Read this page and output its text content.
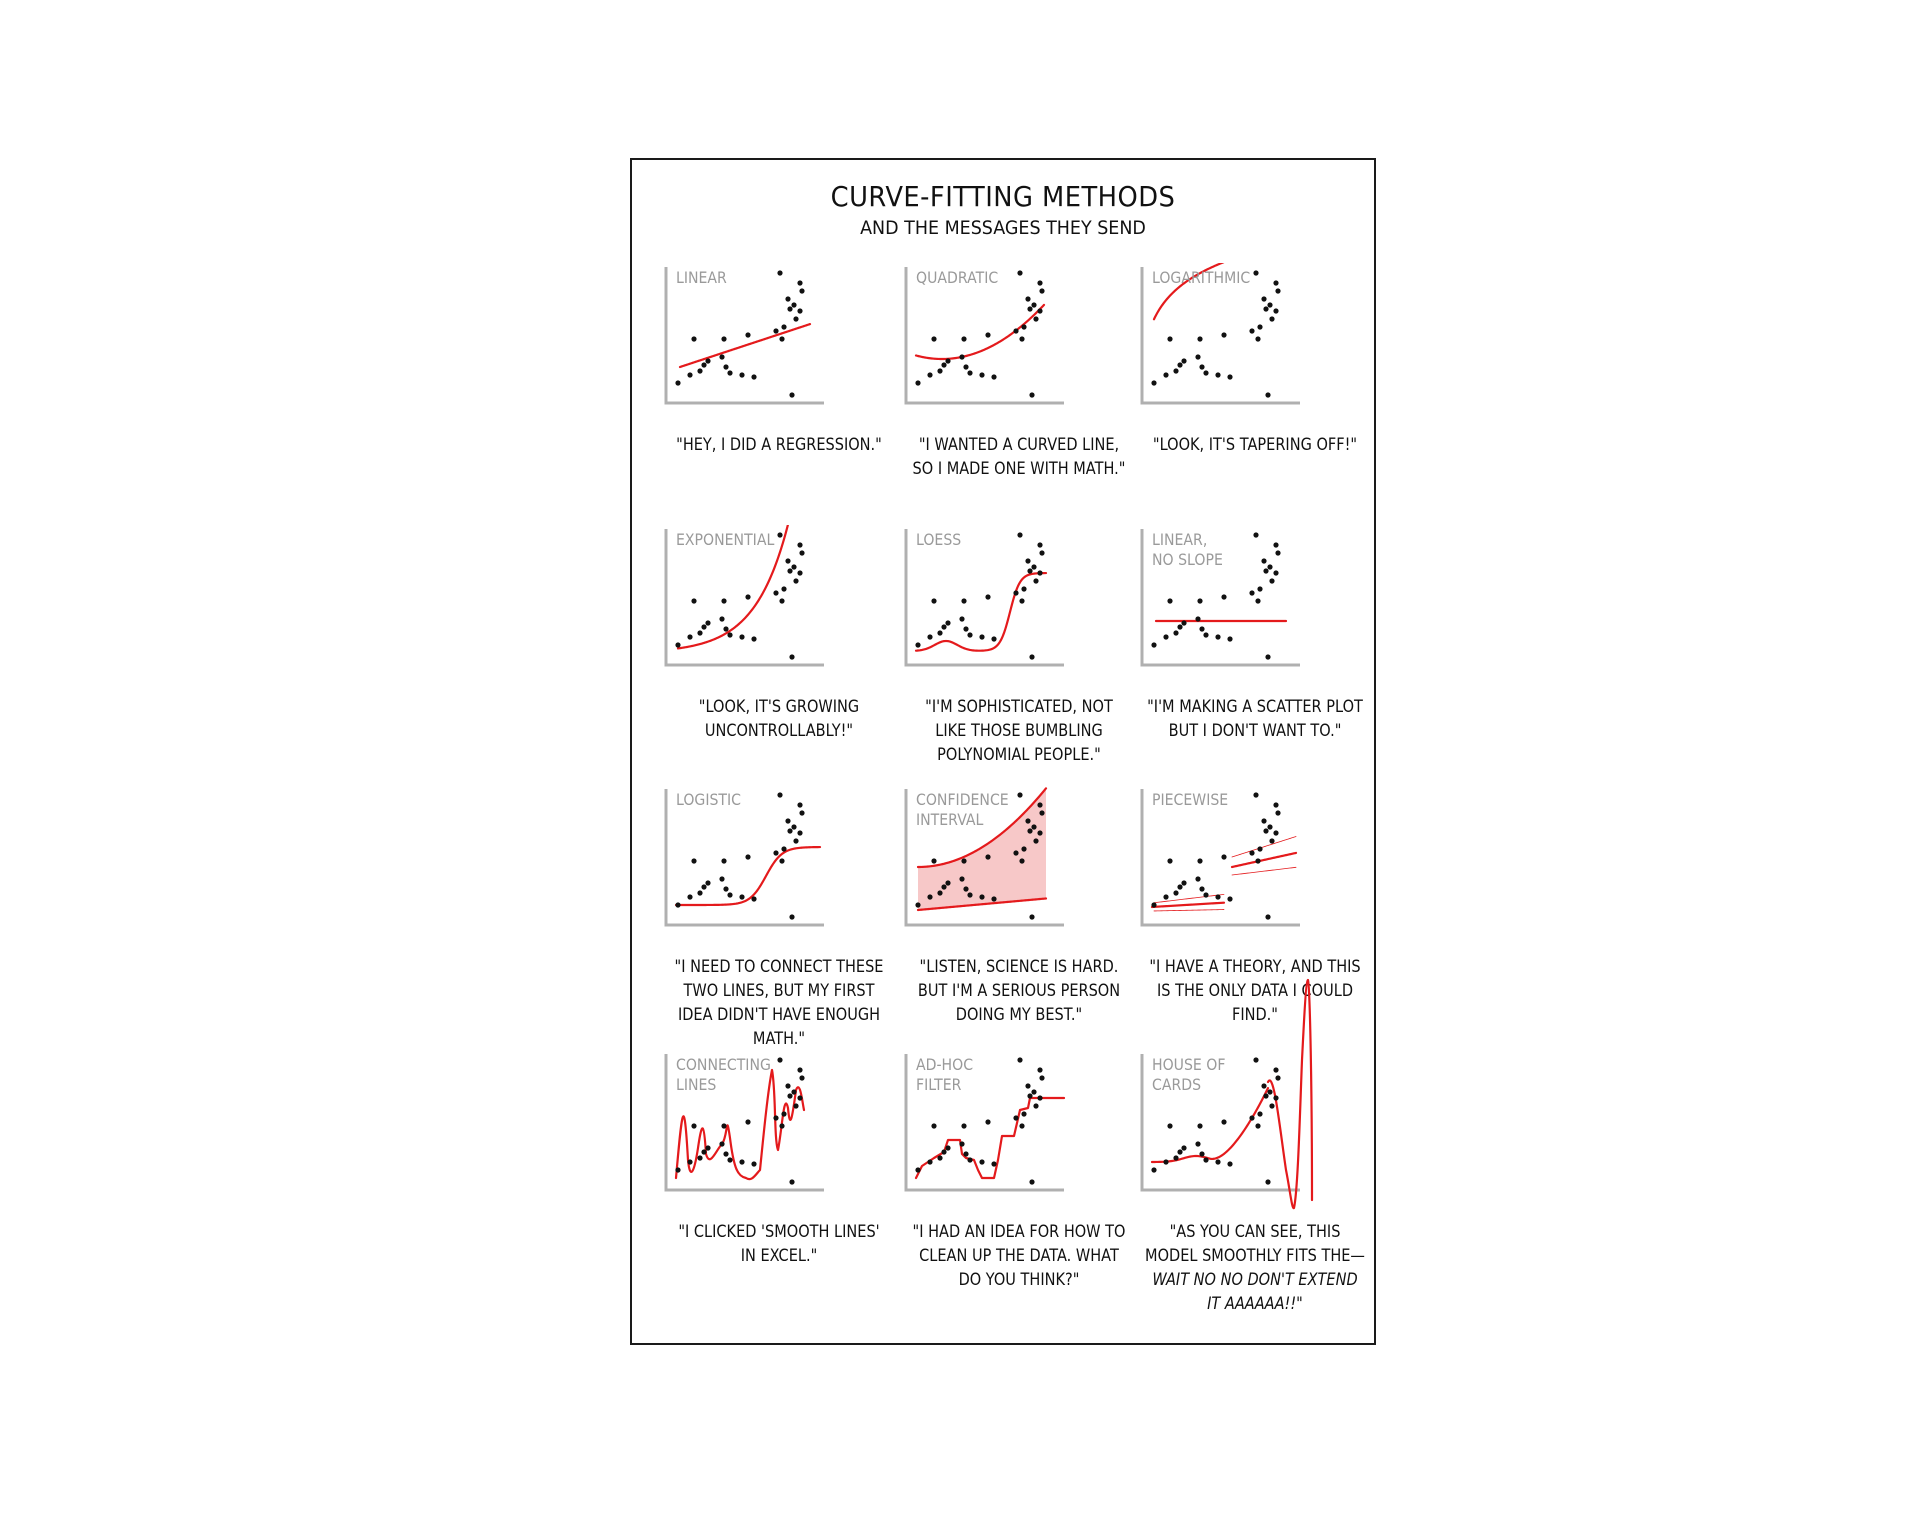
CURVE-FITTING METHODS
AND THE MESSAGES THEY SEND
LINEAR
"HEY, I DID A REGRESSION."
QUADRATIC
"I WANTED A CURVED LINE, SO I MADE ONE WITH MATH."
LOGARITHMIC
"LOOK, IT'S TAPERING OFF!"
EXPONENTIAL
"LOOK, IT'S GROWING UNCONTROLLABLY!"
LOESS
"I'M SOPHISTICATED, NOT LIKE THOSE BUMBLING POLYNOMIAL PEOPLE."
LINEAR,
NO SLOPE
"I'M MAKING A SCATTER PLOT BUT I DON'T WANT TO."
LOGISTIC
"I NEED TO CONNECT THESE TWO LINES, BUT MY FIRST IDEA DIDN'T HAVE ENOUGH MATH."
CONFIDENCE
INTERVAL
"LISTEN, SCIENCE IS HARD. BUT I'M A SERIOUS PERSON DOING MY BEST."
PIECEWISE
"I HAVE A THEORY, AND THIS IS THE ONLY DATA I COULD FIND."
CONNECTING
LINES
"I CLICKED 'SMOOTH LINES' IN EXCEL."
AD-HOC
FILTER
"I HAD AN IDEA FOR HOW TO CLEAN UP THE DATA. WHAT DO YOU THINK?"
HOUSE OF
CARDS
"AS YOU CAN SEE, THIS MODEL SMOOTHLY FITS THE— WAIT NO NO DON'T EXTEND IT AAAAAA!!"
